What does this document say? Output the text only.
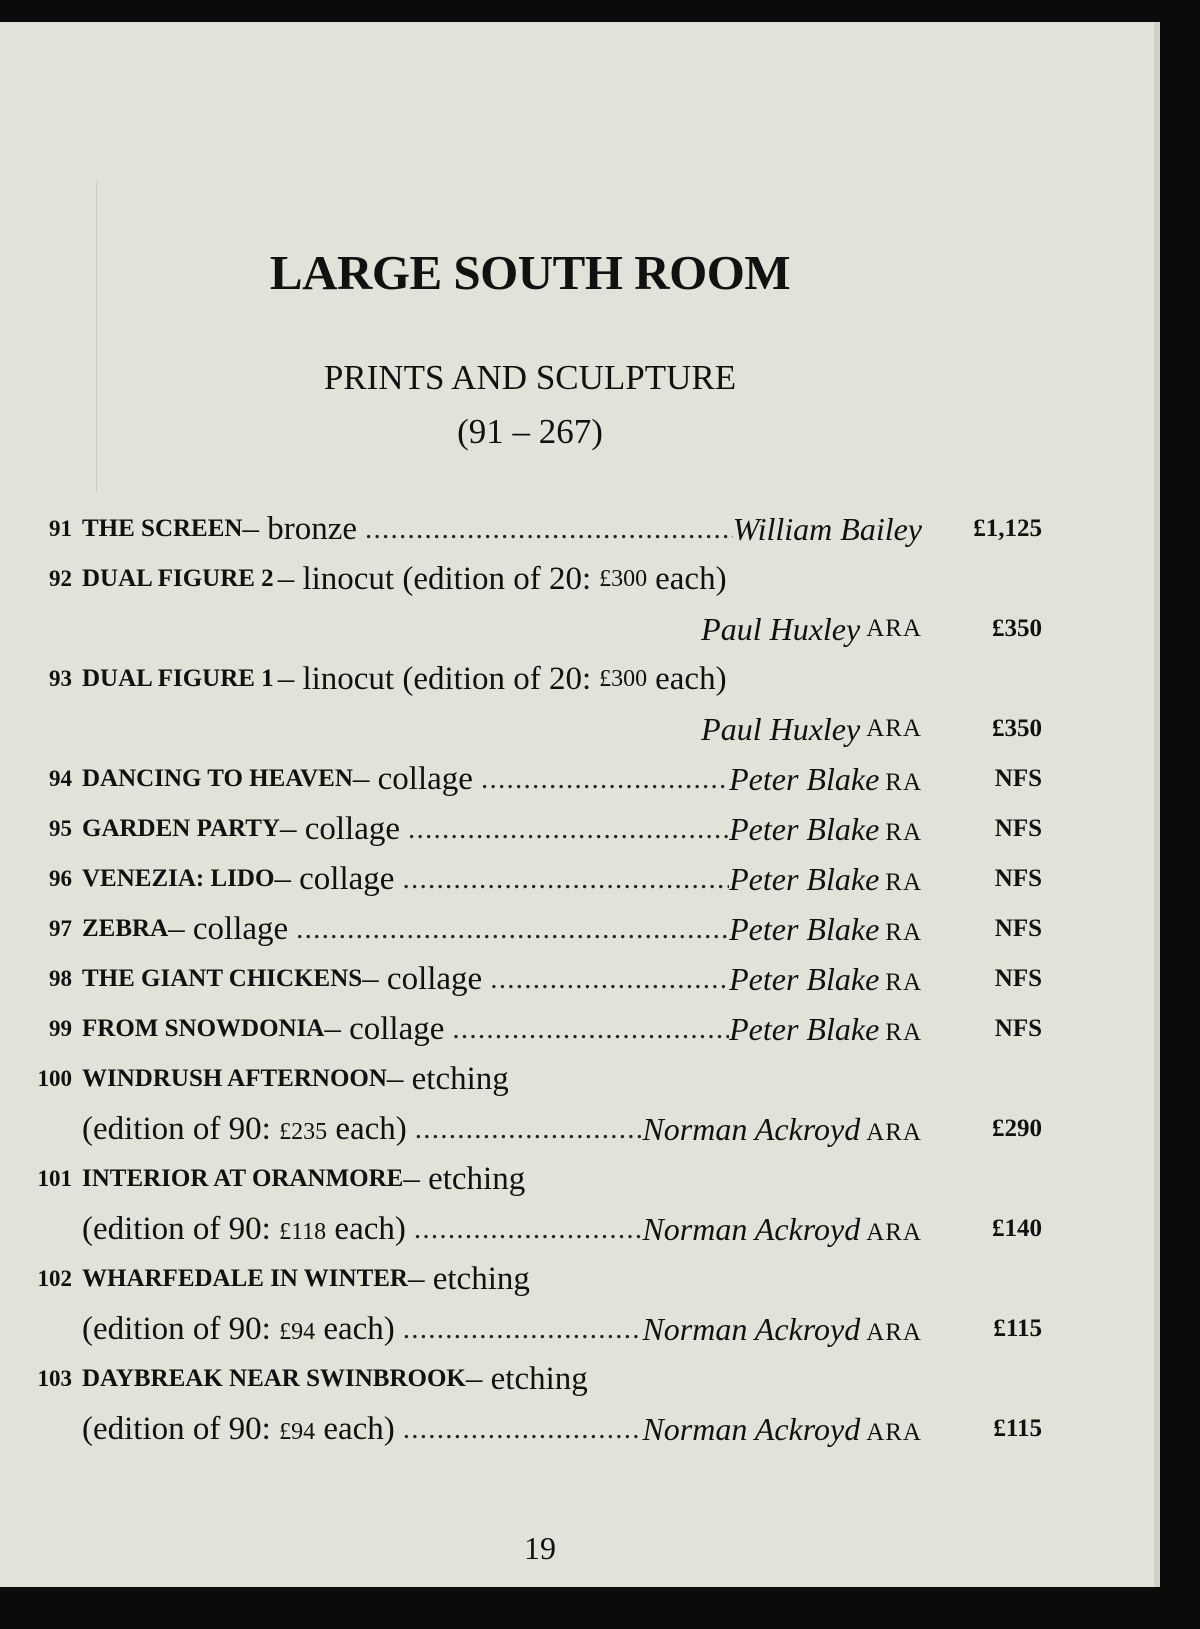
LARGE SOUTH ROOM
PRINTS AND SCULPTURE
(91 – 267)
91 THE SCREEN – bronze . . .	William Bailey	£1,125
92 DUAL FIGURE 2 – linocut (edition of 20: £300 each)
Paul Huxley ARA	£350
93 DUAL FIGURE 1 – linocut (edition of 20: £300 each)
Paul Huxley ARA	£350
94 DANCING TO HEAVEN – collage . . .	Peter Blake RA	NFS
95 GARDEN PARTY – collage . . .	Peter Blake RA	NFS
96 VENEZIA: LIDO – collage . . .	Peter Blake RA	NFS
97 ZEBRA – collage . . .	Peter Blake RA	NFS
98 THE GIANT CHICKENS – collage . . .	Peter Blake RA	NFS
99 FROM SNOWDONIA – collage . . .	Peter Blake RA	NFS
100 WINDRUSH AFTERNOON – etching
(edition of 90: £235 each) . . .	Norman Ackroyd ARA	£290
101 INTERIOR AT ORANMORE – etching
(edition of 90: £118 each) . . .	Norman Ackroyd ARA	£140
102 WHARFEDALE IN WINTER – etching
(edition of 90: £94 each) . . .	Norman Ackroyd ARA	£115
103 DAYBREAK NEAR SWINBROOK – etching
(edition of 90: £94 each) . . .	Norman Ackroyd ARA	£115
19
